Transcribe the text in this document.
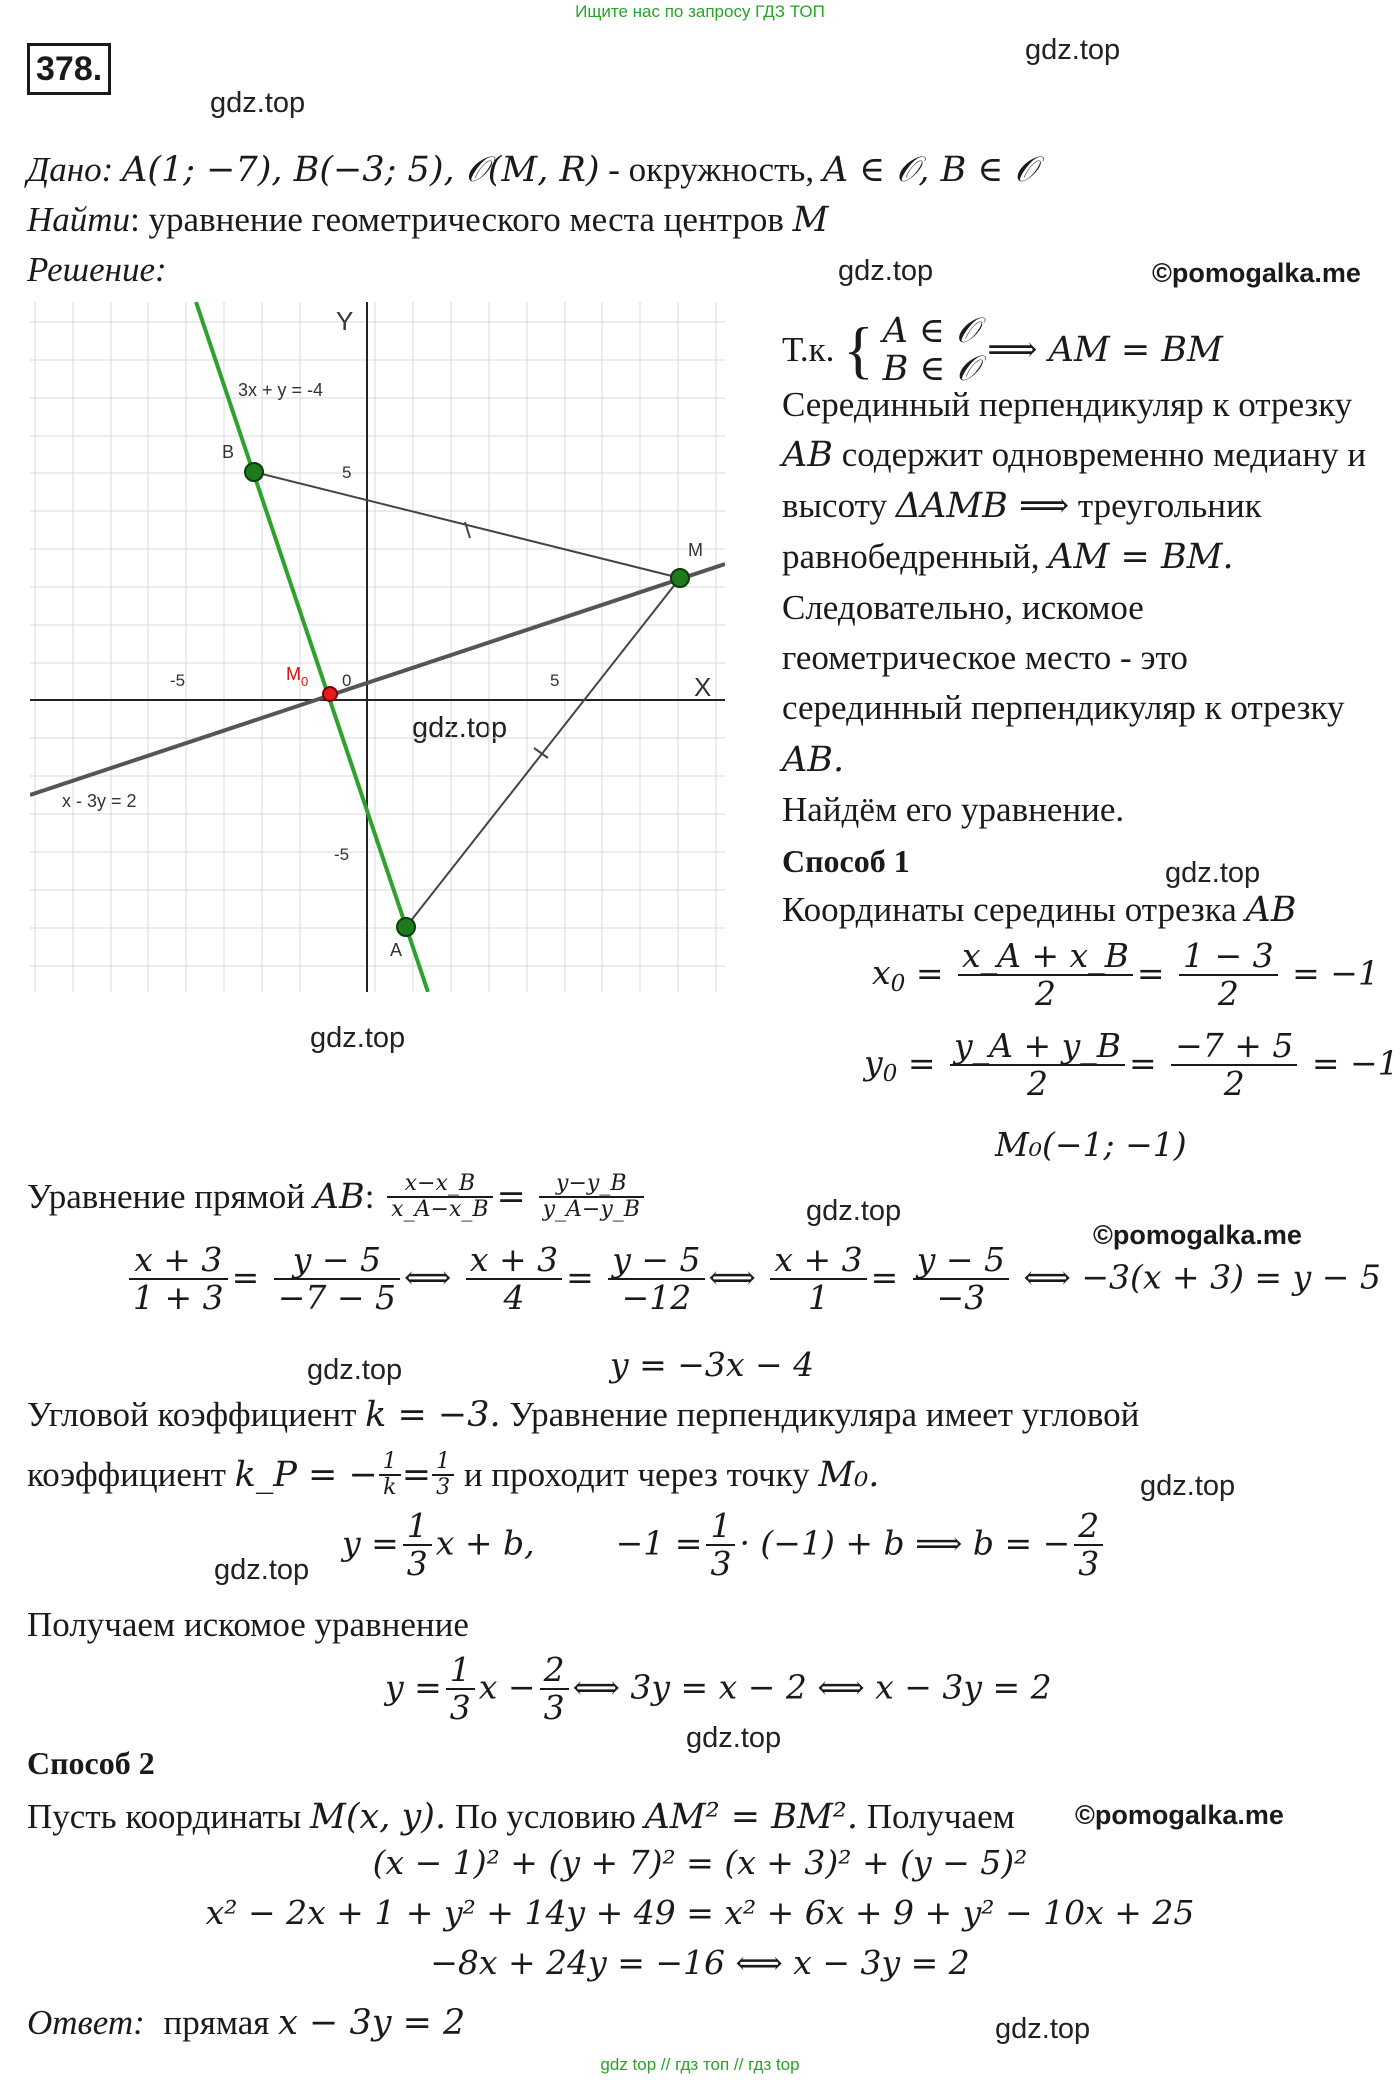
Ищите нас по запросу ГДЗ ТОП
378.	gdz.top
gdz.top
gdz.top	©pomogalka.me
gdz.top
gdz.top
gdz.top
gdz.top
©pomogalka.me
gdz.top
gdz.top
gdz.top
gdz.top
©pomogalka.me
gdz.top
Дано: A(1; −7), B(−3; 5), 𝒪(M, R) - окружность, A ∈ 𝒪, B ∈ 𝒪
Найти: уравнение геометрического места центров M
Решение:
Y
X
5
-5
-5	5
0
3x + y = -4
x - 3y = 2
B
M
A
$M_0$
Т.к. { A ∈ 𝒪
B ∈ 𝒪 ⟹ AM = BM
Серединный перпендикуляр к отрезку
AB содержит одновременно медиану и
высоту ΔAMB ⟹ треугольник
равнобедренный, AM = BM.
Следовательно, искомое
геометрическое место - это
серединный перпендикуляр к отрезку
AB.
Найдём его уравнение.
Способ 1
Координаты середины отрезка AB
$x_0 = \frac{x\_A + x\_B}{2} = \frac{1 - 3}{2} = -1$
$y_0 = \frac{y\_A + y\_B}{2} = \frac{-7 + 5}{2} = -1$
M₀(−1; −1)
Уравнение прямой AB: $\frac{x-x\_B}{x\_A-x\_B} = \frac{y-y\_B}{y\_A-y\_B}$
$\frac{x + 3}{1 + 3} = \frac{y - 5}{-7 - 5}$ ⟺ $\frac{x + 3}{4} = \frac{y - 5}{-12}$ ⟺ $\frac{x + 3}{1} = \frac{y - 5}{-3}$ ⟺ −3(x + 3) = y − 5
y = −3x − 4
Угловой коэффициент k = −3. Уравнение перпендикуляра имеет угловой
коэффициент k_P = − $\frac{1}{k} = \frac{1}{3}$ и проходит через точку M₀.
$y = \frac{1}{3}$ x + b, $-1 = \frac{1}{3} \cdot (-1) + b$ ⟹ b = − $\frac{2}{3}$
Получаем искомое уравнение
$y = \frac{1}{3}$ $x - \frac{2}{3}$ ⟺ 3y = x − 2 ⟺ x − 3y = 2
Способ 2
Пусть координаты M(x, y). По условию AM² = BM². Получаем
(x − 1)² + (y + 7)² = (x + 3)² + (y − 5)²
x² − 2x + 1 + y² + 14y + 49 = x² + 6x + 9 + y² − 10x + 25
−8x + 24y = −16 ⟺ x − 3y = 2
Ответ: прямая x − 3y = 2
gdz top // гдз топ // гдз top
